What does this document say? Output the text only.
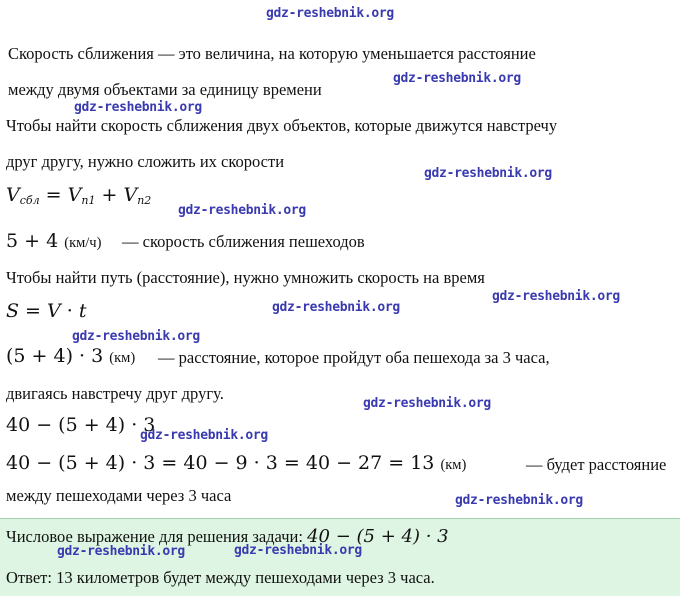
gdz-reshebnik.org
Скорость сближения — это величина, на которую уменьшается расстояние
между двумя объектами за единицу времени
gdz-reshebnik.org
gdz-reshebnik.org
Чтобы найти скорость сближения двух объектов, которые движутся навстречу
друг другу, нужно сложить их скорости
$V_{сбл} = V_{n1} + V_{n2}$
gdz-reshebnik.org
gdz-reshebnik.org
5 + 4 (км/ч) — скорость сближения пешеходов
Чтобы найти путь (расстояние), нужно умножить скорость на время
S = V · t	gdz-reshebnik.org
gdz-reshebnik.org
gdz-reshebnik.org
(5 + 4) · 3 (км) — расстояние, которое пройдут оба пешехода за 3 часа,
двигаясь навстречу друг другу.
gdz-reshebnik.org
40 − (5 + 4) · 3
gdz-reshebnik.org
40 − (5 + 4) · 3 = 40 − 9 · 3 = 40 − 27 = 13 (км)	— будет расстояние
между пешеходами через 3 часа	gdz-reshebnik.org
Числовое выражение для решения задачи: 40 − (5 + 4) · 3
gdz-reshebnik.org	gdz-reshebnik.org
Ответ: 13 километров будет между пешеходами через 3 часа.
